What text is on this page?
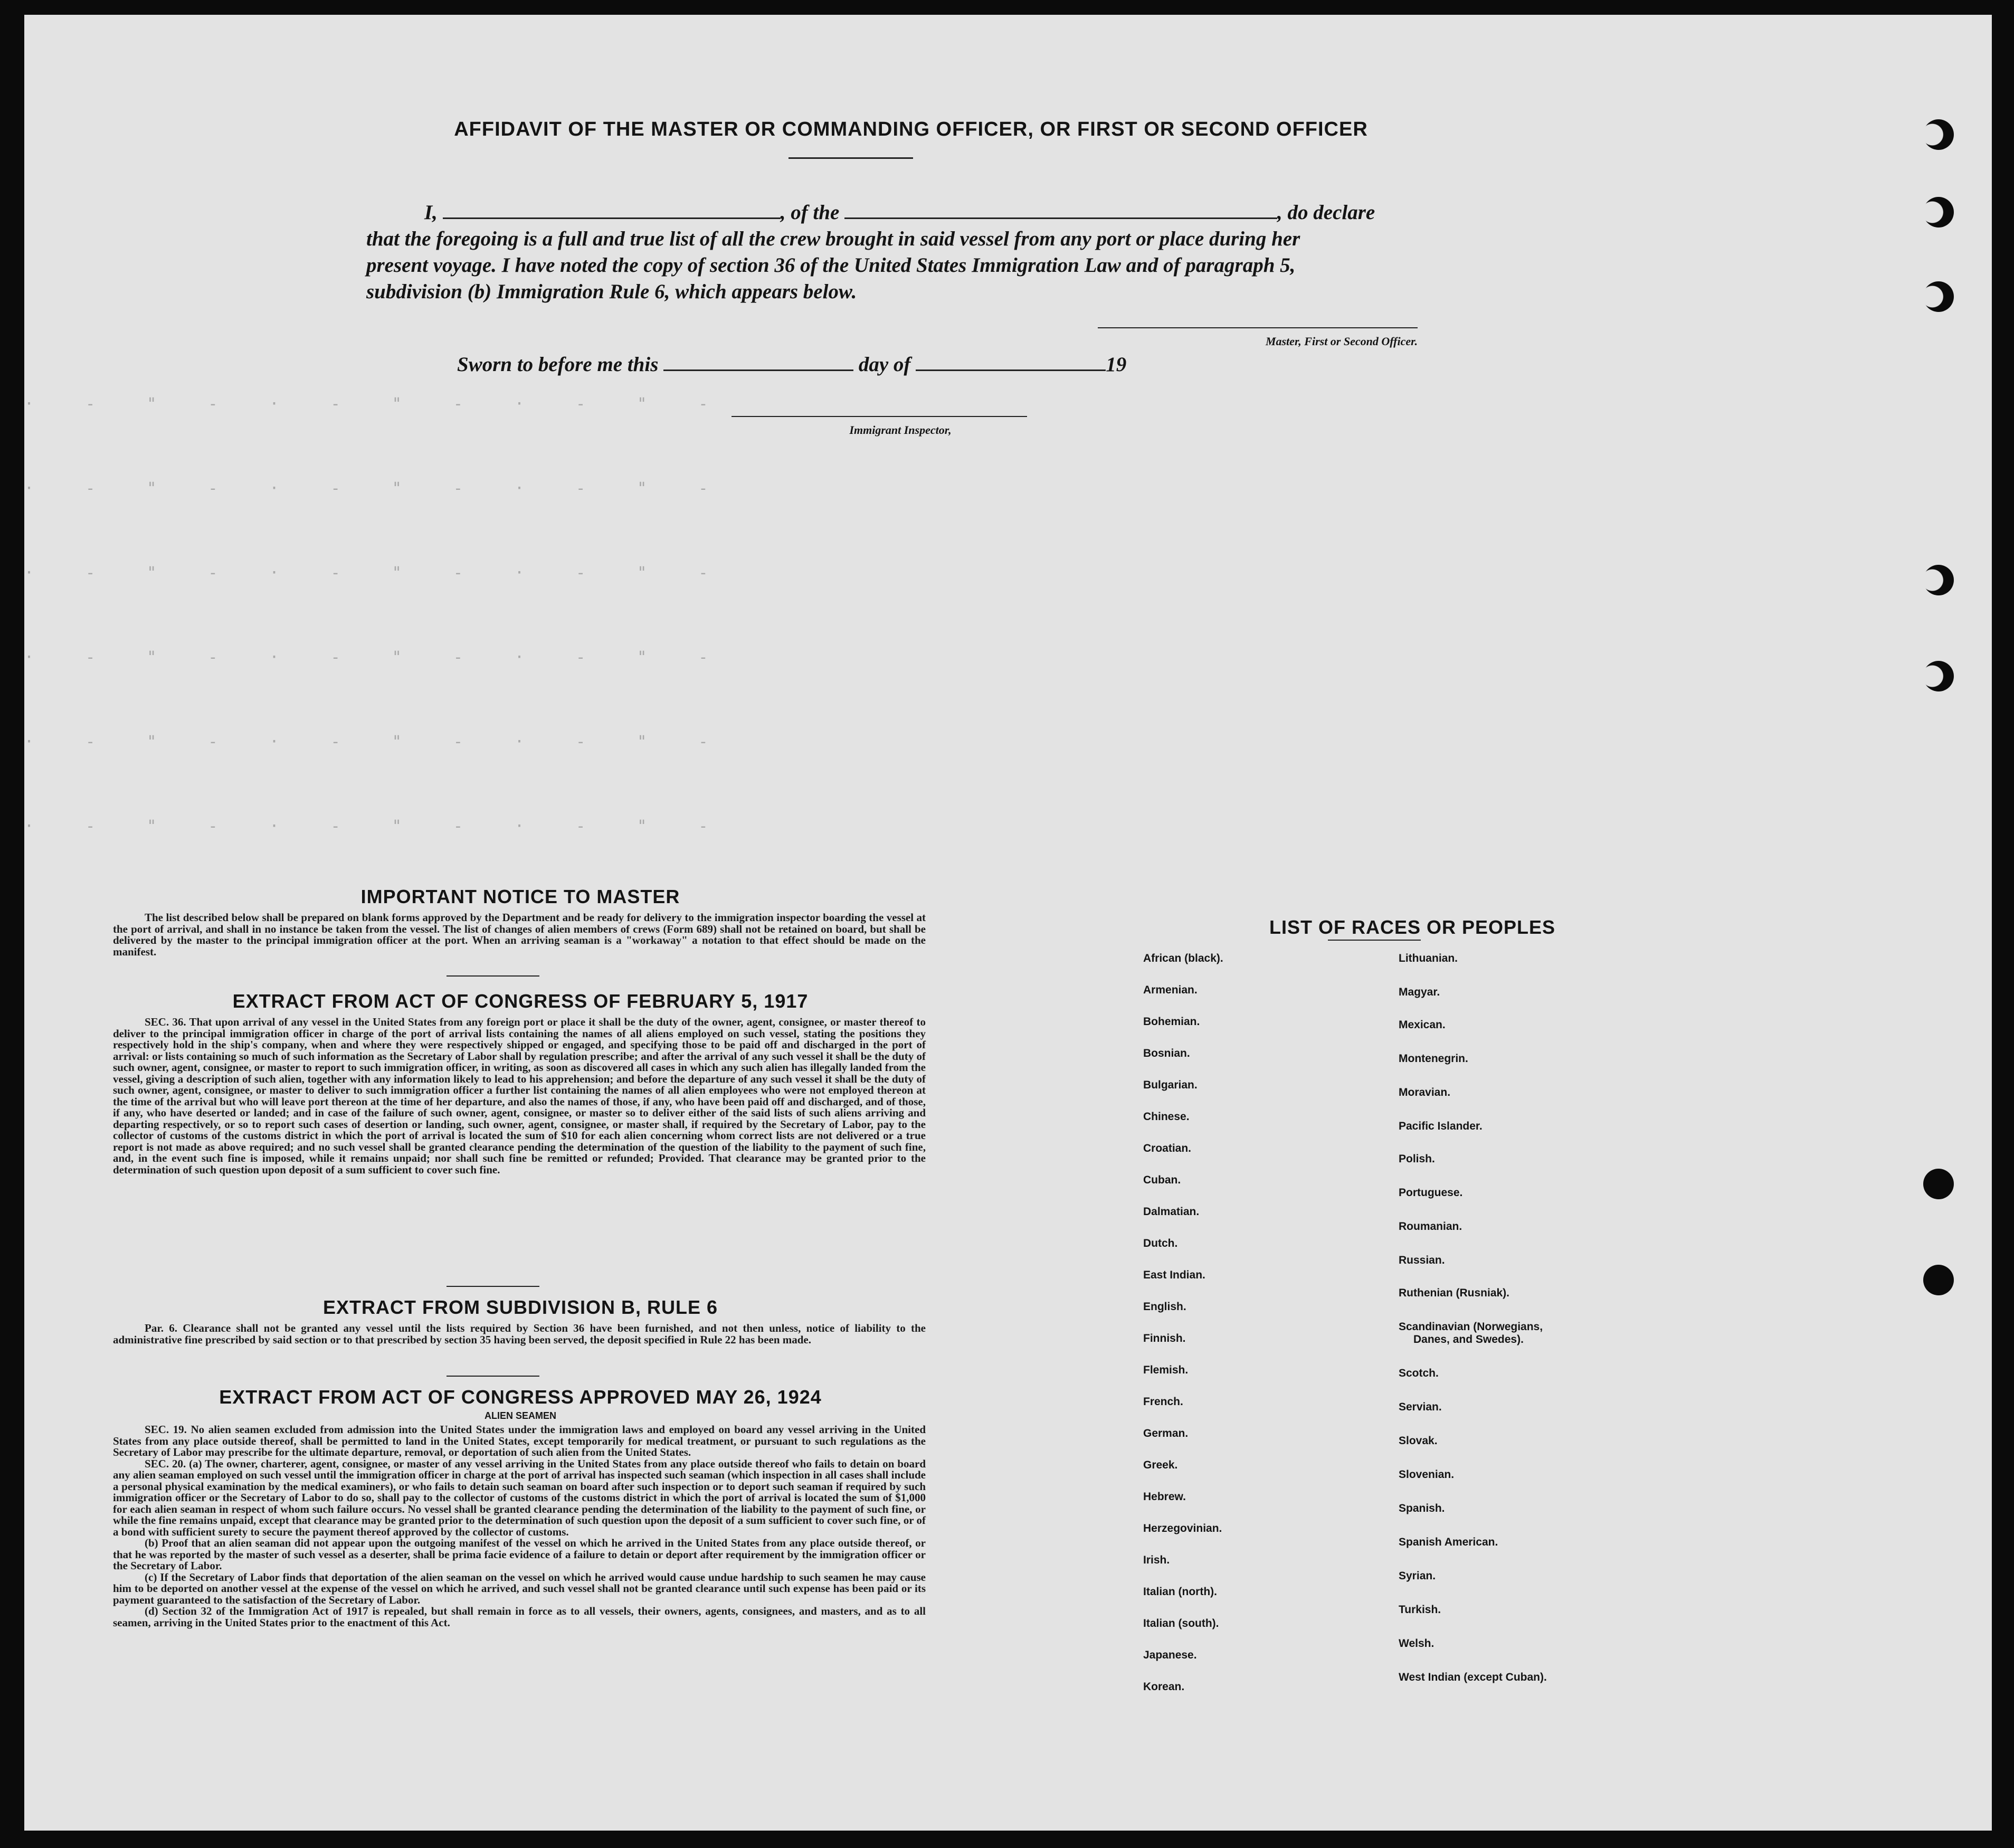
· - " - · - " - · - " -
· - " - · - " - · - " -
· - " - · - " - · - " -
· - " - · - " - · - " -
· - " - · - " - · - " -
· - " - · - " - · - " -
AFFIDAVIT OF THE MASTER OR COMMANDING OFFICER, OR FIRST OR SECOND OFFICER
I,	, of the	, do declare
that the foregoing is a full and true list of all the crew brought in said vessel from any port or place during her
present voyage. I have noted the copy of section 36 of the United States Immigration Law and of paragraph 5,
subdivision (b) Immigration Rule 6, which appears below.
Master, First or Second Officer.
Sworn to before me this	day of	19
Immigrant Inspector,
IMPORTANT NOTICE TO MASTER
The list described below shall be prepared on blank forms approved by the Department and be ready for delivery to the immigration inspector boarding the vessel at the port of arrival, and shall in no instance be taken from the vessel. The list of changes of alien members of crews (Form 689) shall not be retained on board, but shall be delivered by the master to the principal immigration officer at the port. When an arriving seaman is a "workaway" a notation to that effect should be made on the manifest.
EXTRACT FROM ACT OF CONGRESS OF FEBRUARY 5, 1917
SEC. 36. That upon arrival of any vessel in the United States from any foreign port or place it shall be the duty of the owner, agent, consignee, or master thereof to deliver to the principal immigration officer in charge of the port of arrival lists containing the names of all aliens employed on such vessel, stating the positions they respectively hold in the ship's company, when and where they were respectively shipped or engaged, and specifying those to be paid off and discharged in the port of arrival: or lists containing so much of such information as the Secretary of Labor shall by regulation prescribe; and after the arrival of any such vessel it shall be the duty of such owner, agent, consignee, or master to report to such immigration officer, in writing, as soon as discovered all cases in which any such alien has illegally landed from the vessel, giving a description of such alien, together with any information likely to lead to his apprehension; and before the departure of any such vessel it shall be the duty of such owner, agent, consignee, or master to deliver to such immigration officer a further list containing the names of all alien employees who were not employed thereon at the time of the arrival but who will leave port thereon at the time of her departure, and also the names of those, if any, who have been paid off and discharged, and of those, if any, who have deserted or landed; and in case of the failure of such owner, agent, consignee, or master so to deliver either of the said lists of such aliens arriving and departing respectively, or so to report such cases of desertion or landing, such owner, agent, consignee, or master shall, if required by the Secretary of Labor, pay to the collector of customs of the customs district in which the port of arrival is located the sum of $10 for each alien concerning whom correct lists are not delivered or a true report is not made as above required; and no such vessel shall be granted clearance pending the determination of the question of the liability to the payment of such fine, and, in the event such fine is imposed, while it remains unpaid; nor shall such fine be remitted or refunded; Provided. That clearance may be granted prior to the determination of such question upon deposit of a sum sufficient to cover such fine.
EXTRACT FROM SUBDIVISION B, RULE 6
Par. 6. Clearance shall not be granted any vessel until the lists required by Section 36 have been furnished, and not then unless, notice of liability to the administrative fine prescribed by said section or to that prescribed by section 35 having been served, the deposit specified in Rule 22 has been made.
EXTRACT FROM ACT OF CONGRESS APPROVED MAY 26, 1924
ALIEN SEAMEN

SEC. 19. No alien seamen excluded from admission into the United States under the immigration laws and employed on board any vessel arriving in the United States from any place outside thereof, shall be permitted to land in the United States, except temporarily for medical treatment, or pursuant to such regulations as the Secretary of Labor may prescribe for the ultimate departure, removal, or deportation of such alien from the United States.

SEC. 20. (a) The owner, charterer, agent, consignee, or master of any vessel arriving in the United States from any place outside thereof who fails to detain on board any alien seaman employed on such vessel until the immigration officer in charge at the port of arrival has inspected such seaman (which inspection in all cases shall include a personal physical examination by the medical examiners), or who fails to detain such seaman on board after such inspection or to deport such seaman if required by such immigration officer or the Secretary of Labor to do so, shall pay to the collector of customs of the customs district in which the port of arrival is located the sum of $1,000 for each alien seaman in respect of whom such failure occurs. No vessel shall be granted clearance pending the determination of the liability to the payment of such fine, or while the fine remains unpaid, except that clearance may be granted prior to the determination of such question upon the deposit of a sum sufficient to cover such fine, or of a bond with sufficient surety to secure the payment thereof approved by the collector of customs.

(b) Proof that an alien seaman did not appear upon the outgoing manifest of the vessel on which he arrived in the United States from any place outside thereof, or that he was reported by the master of such vessel as a deserter, shall be prima facie evidence of a failure to detain or deport after requirement by the immigration officer or the Secretary of Labor.

(c) If the Secretary of Labor finds that deportation of the alien seaman on the vessel on which he arrived would cause undue hardship to such seamen he may cause him to be deported on another vessel at the expense of the vessel on which he arrived, and such vessel shall not be granted clearance until such expense has been paid or its payment guaranteed to the satisfaction of the Secretary of Labor.

(d) Section 32 of the Immigration Act of 1917 is repealed, but shall remain in force as to all vessels, their owners, agents, consignees, and masters, and as to all seamen, arriving in the United States prior to the enactment of this Act.

LIST OF RACES OR PEOPLES
African (black).
Armenian.
Bohemian.
Bosnian.
Bulgarian.
Chinese.
Croatian.
Cuban.
Dalmatian.
Dutch.
East Indian.
English.
Finnish.
Flemish.
French.
German.
Greek.
Hebrew.
Herzegovinian.
Irish.
Italian (north).
Italian (south).
Japanese.
Korean.
Lithuanian.
Magyar.
Mexican.
Montenegrin.
Moravian.
Pacific Islander.
Polish.
Portuguese.
Roumanian.
Russian.
Ruthenian (Rusniak).
Scandinavian (Norwegians,
Danes, and Swedes).
Scotch.
Servian.
Slovak.
Slovenian.
Spanish.
Spanish American.
Syrian.
Turkish.
Welsh.
West Indian (except Cuban).
